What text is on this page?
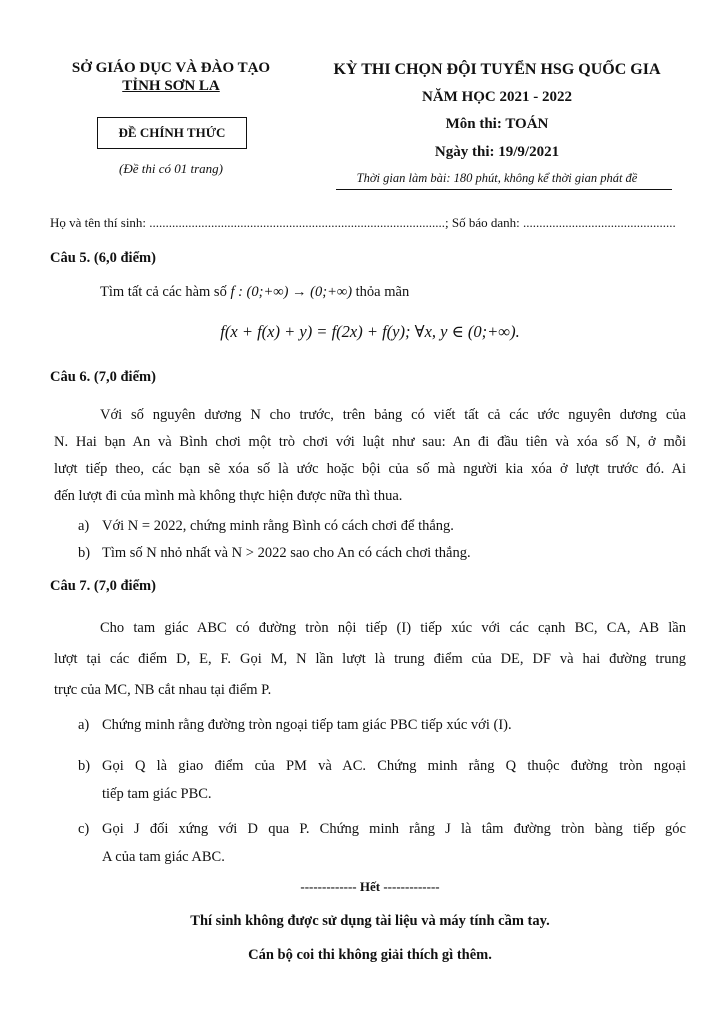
SỞ GIÁO DỤC VÀ ĐÀO TẠO
TỈNH SƠN LA
ĐỀ CHÍNH THỨC
(Đề thi có 01 trang)
KỲ THI CHỌN ĐỘI TUYỂN HSG QUỐC GIA
NĂM HỌC 2021 - 2022
Môn thi: TOÁN
Ngày thi: 19/9/2021
Thời gian làm bài: 180 phút, không kể thời gian phát đề
Họ và tên thí sinh: ...........................................................................................; Số báo danh: ...............................................
Câu 5. (6,0 điểm)
Tìm tất cả các hàm số f : (0;+∞) → (0;+∞) thỏa mãn
f(x + f(x) + y) = f(2x) + f(y); ∀x, y ∈ (0;+∞).
Câu 6. (7,0 điểm)

Với số nguyên dương N cho trước, trên bảng có viết tất cả các ước nguyên dương của

N. Hai bạn An và Bình chơi một trò chơi với luật như sau: An đi đầu tiên và xóa số N, ở mỗi

lượt tiếp theo, các bạn sẽ xóa số là ước hoặc bội của số mà người kia xóa ở lượt trước đó. Ai

đến lượt đi của mình mà không thực hiện được nữa thì thua.

a) Với N = 2022, chứng minh rằng Bình có cách chơi để thắng.
b) Tìm số N nhỏ nhất và N > 2022 sao cho An có cách chơi thắng.
Câu 7. (7,0 điểm)

Cho tam giác ABC có đường tròn nội tiếp (I) tiếp xúc với các cạnh BC, CA, AB lần

lượt tại các điểm D, E, F. Gọi M, N lần lượt là trung điểm của DE, DF và hai đường trung

trực của MC, NB cắt nhau tại điểm P.

a) Chứng minh rằng đường tròn ngoại tiếp tam giác PBC tiếp xúc với (I).
b) Gọi Q là giao điểm của PM và AC. Chứng minh rằng Q thuộc đường tròn ngoại

tiếp tam giác PBC.

c) Gọi J đối xứng với D qua P. Chứng minh rằng J là tâm đường tròn bàng tiếp góc

A của tam giác ABC.

------------- Hết -------------
Thí sinh không được sử dụng tài liệu và máy tính cầm tay.
Cán bộ coi thi không giải thích gì thêm.
